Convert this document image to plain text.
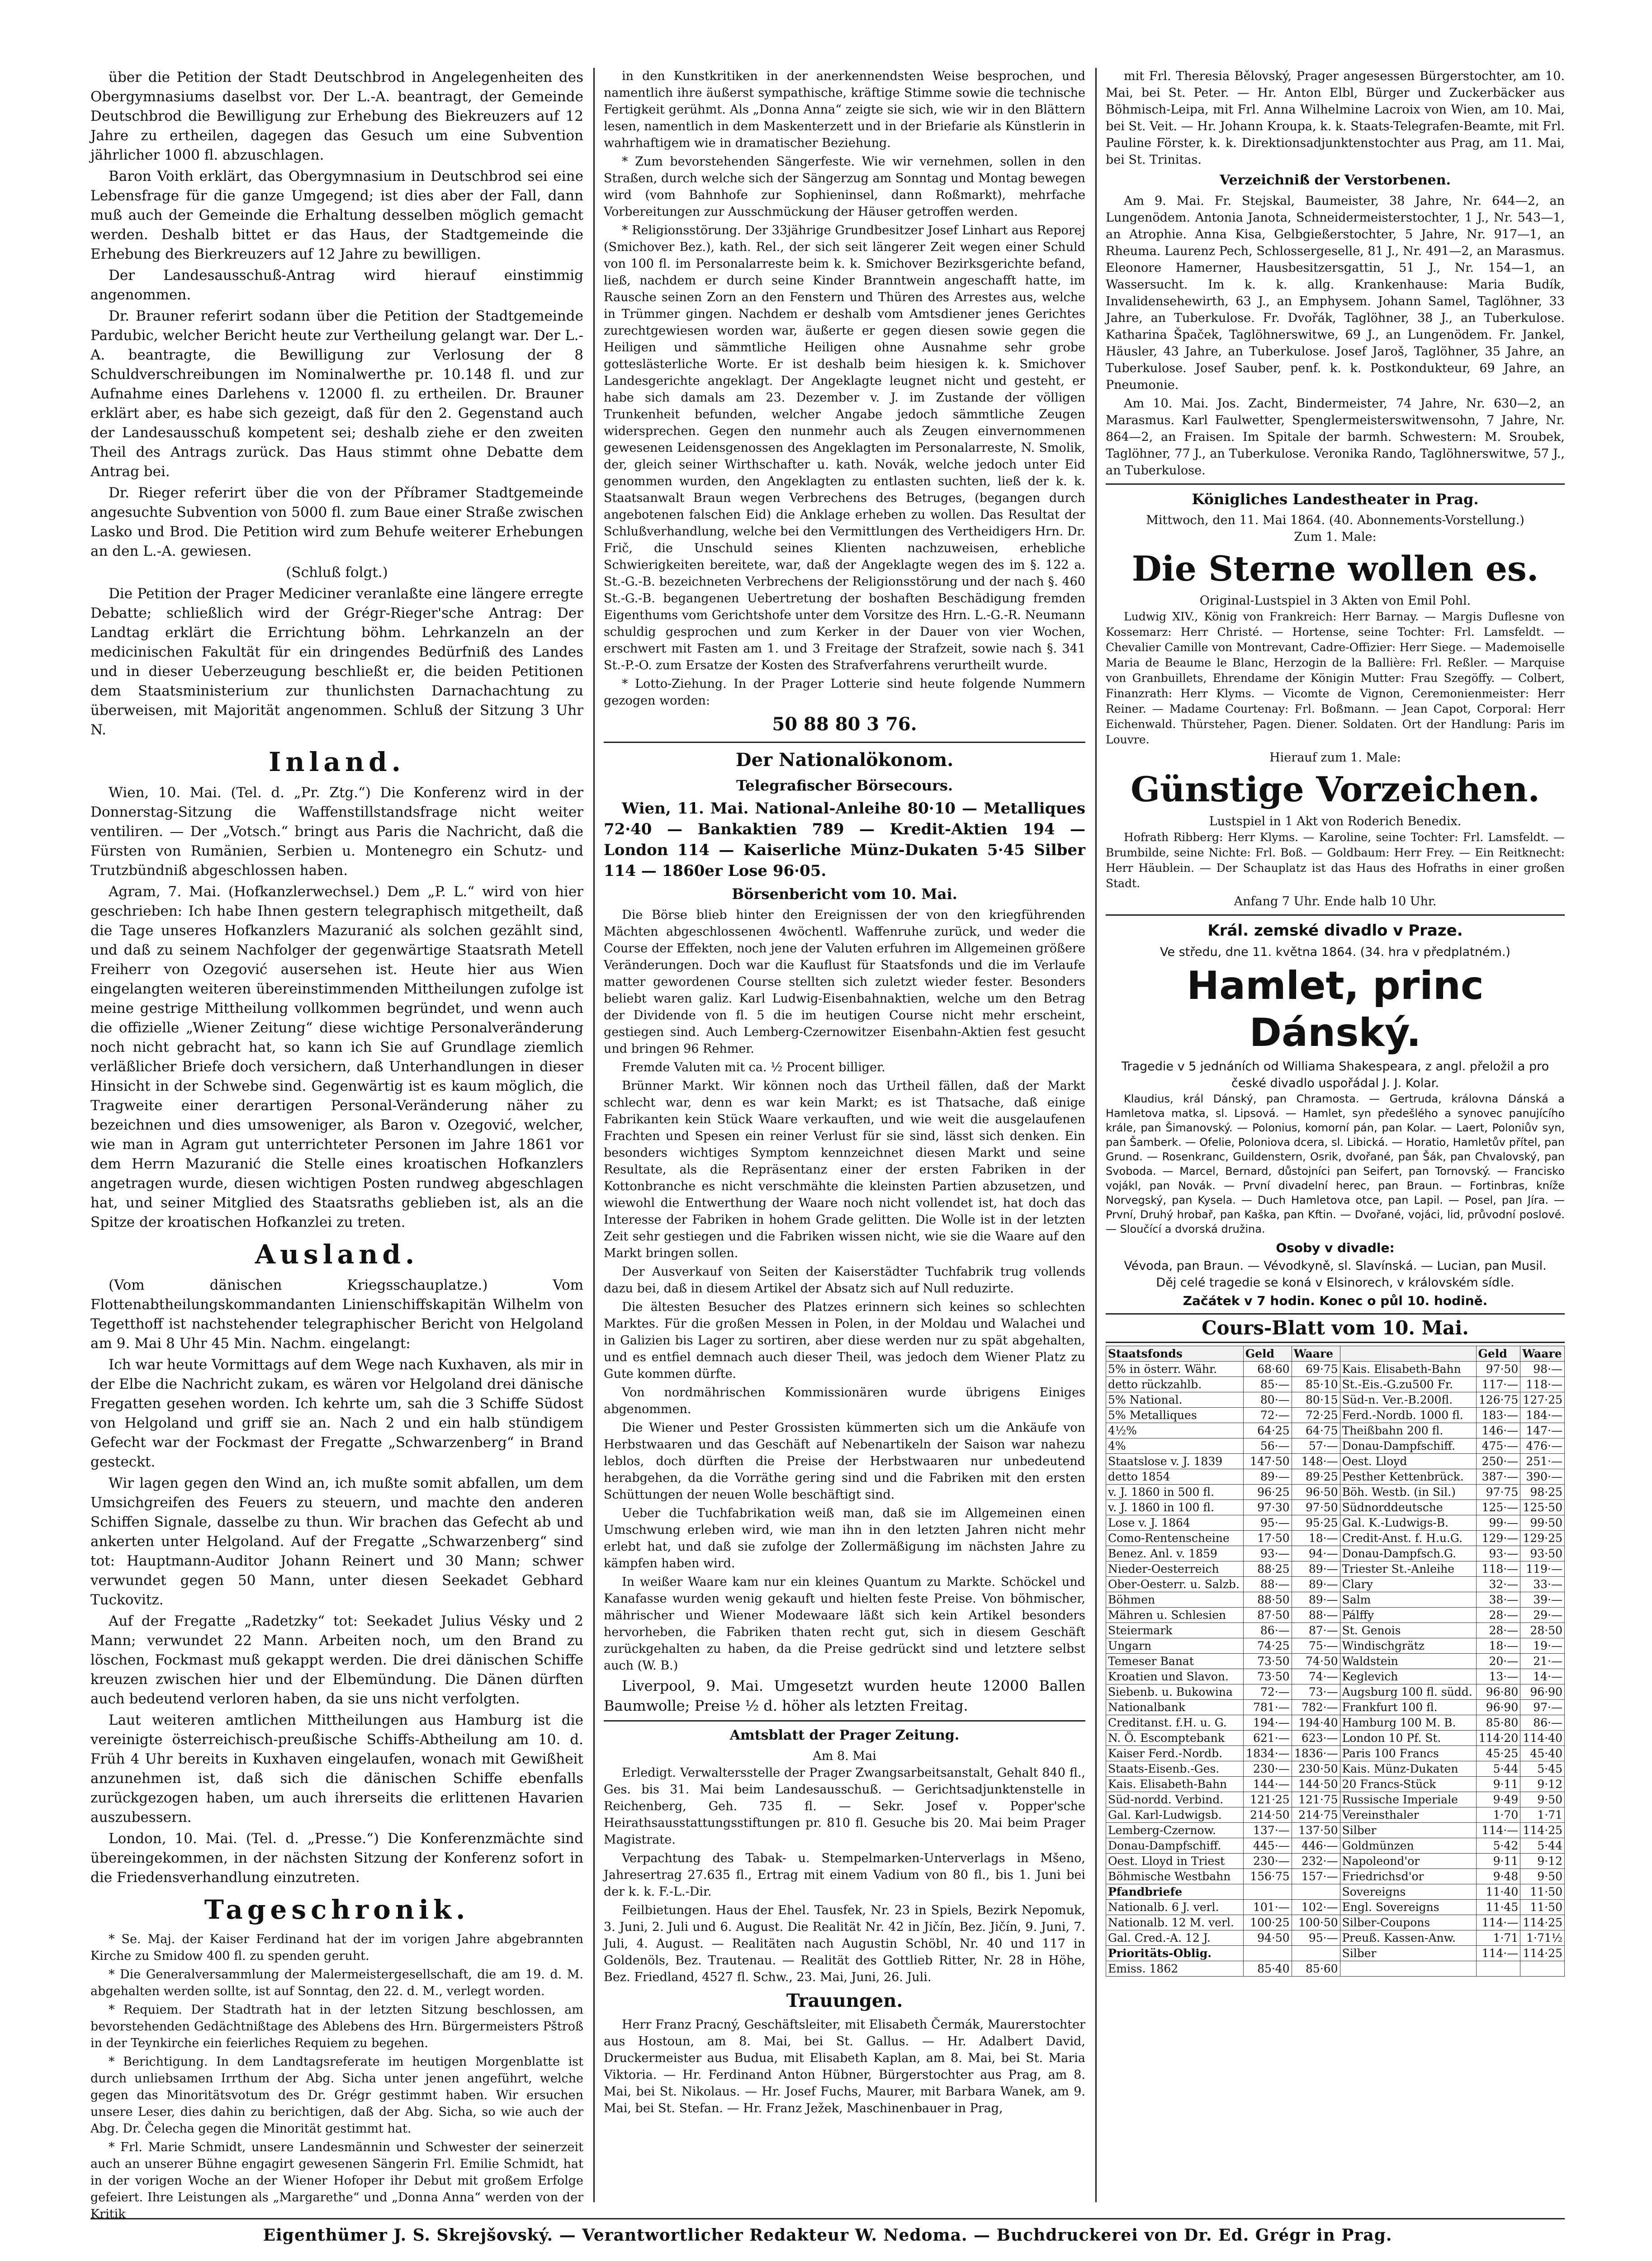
über die Petition der Stadt Deutschbrod in Angelegenheiten des Obergymnasiums daselbst vor. Der L.-A. beantragt, der Gemeinde Deutschbrod die Bewilligung zur Erhebung des Biekreuzers auf 12 Jahre zu ertheilen, dagegen das Gesuch um eine Subvention jährlicher 1000 fl. abzuschlagen.

Baron Voith erklärt, das Obergymnasium in Deutschbrod sei eine Lebensfrage für die ganze Umgegend; ist dies aber der Fall, dann muß auch der Gemeinde die Erhaltung desselben möglich gemacht werden. Deshalb bittet er das Haus, der Stadtgemeinde die Erhebung des Bierkreuzers auf 12 Jahre zu bewilligen.

Der Landesausschuß-Antrag wird hierauf einstimmig angenommen.

Dr. Brauner referirt sodann über die Petition der Stadtgemeinde Pardubic, welcher Bericht heute zur Vertheilung gelangt war. Der L.-A. beantragte, die Bewilligung zur Verlosung der 8 Schuldverschreibungen im Nominalwerthe pr. 10.148 fl. und zur Aufnahme eines Darlehens v. 12000 fl. zu ertheilen. Dr. Brauner erklärt aber, es habe sich gezeigt, daß für den 2. Gegenstand auch der Landesausschuß kompetent sei; deshalb ziehe er den zweiten Theil des Antrags zurück. Das Haus stimmt ohne Debatte dem Antrag bei.

Dr. Rieger referirt über die von der Příbramer Stadtgemeinde angesuchte Subvention von 5000 fl. zum Baue einer Straße zwischen Lasko und Brod. Die Petition wird zum Behufe weiterer Erhebungen an den L.-A. gewiesen.

(Schluß folgt.)

Die Petition der Prager Mediciner veranlaßte eine längere erregte Debatte; schließlich wird der Grégr-Rieger'sche Antrag: Der Landtag erklärt die Errichtung böhm. Lehrkanzeln an der medicinischen Fakultät für ein dringendes Bedürfniß des Landes und in dieser Ueberzeugung beschließt er, die beiden Petitionen dem Staatsministerium zur thunlichsten Darnachachtung zu überweisen, mit Majorität angenommen. Schluß der Sitzung 3 Uhr N.

Inland.

Wien, 10. Mai. (Tel. d. „Pr. Ztg.“) Die Konferenz wird in der Donnerstag-Sitzung die Waffenstillstandsfrage nicht weiter ventiliren. — Der „Votsch.“ bringt aus Paris die Nachricht, daß die Fürsten von Rumänien, Serbien u. Montenegro ein Schutz- und Trutzbündniß abgeschlossen haben.

Agram, 7. Mai. (Hofkanzlerwechsel.) Dem „P. L.“ wird von hier geschrieben: Ich habe Ihnen gestern telegraphisch mitgetheilt, daß die Tage unseres Hofkanzlers Mazuranić als solchen gezählt sind, und daß zu seinem Nachfolger der gegenwärtige Staatsrath Metell Freiherr von Ozegović ausersehen ist. Heute hier aus Wien eingelangten weiteren übereinstimmenden Mittheilungen zufolge ist meine gestrige Mittheilung vollkommen begründet, und wenn auch die offizielle „Wiener Zeitung“ diese wichtige Personalveränderung noch nicht gebracht hat, so kann ich Sie auf Grundlage ziemlich verläßlicher Briefe doch versichern, daß Unterhandlungen in dieser Hinsicht in der Schwebe sind. Gegenwärtig ist es kaum möglich, die Tragweite einer derartigen Personal-Veränderung näher zu bezeichnen und dies umsoweniger, als Baron v. Ozegović, welcher, wie man in Agram gut unterrichteter Personen im Jahre 1861 vor dem Herrn Mazuranić die Stelle eines kroatischen Hofkanzlers angetragen wurde, diesen wichtigen Posten rundweg abgeschlagen hat, und seiner Mitglied des Staatsraths geblieben ist, als an die Spitze der kroatischen Hofkanzlei zu treten.

Ausland.

(Vom dänischen Kriegsschauplatze.) Vom Flottenabtheilungskommandanten Linienschiffskapitän Wilhelm von Tegetthoff ist nachstehender telegraphischer Bericht von Helgoland am 9. Mai 8 Uhr 45 Min. Nachm. eingelangt:

Ich war heute Vormittags auf dem Wege nach Kuxhaven, als mir in der Elbe die Nachricht zukam, es wären vor Helgoland drei dänische Fregatten gesehen worden. Ich kehrte um, sah die 3 Schiffe Südost von Helgoland und griff sie an. Nach 2 und ein halb stündigem Gefecht war der Fockmast der Fregatte „Schwarzenberg“ in Brand gesteckt.

Wir lagen gegen den Wind an, ich mußte somit abfallen, um dem Umsichgreifen des Feuers zu steuern, und machte den anderen Schiffen Signale, dasselbe zu thun. Wir brachen das Gefecht ab und ankerten unter Helgoland. Auf der Fregatte „Schwarzenberg“ sind tot: Hauptmann-Auditor Johann Reinert und 30 Mann; schwer verwundet gegen 50 Mann, unter diesen Seekadet Gebhard Tuckovitz.

Auf der Fregatte „Radetzky“ tot: Seekadet Julius Vésky und 2 Mann; verwundet 22 Mann. Arbeiten noch, um den Brand zu löschen, Fockmast muß gekappt werden. Die drei dänischen Schiffe kreuzen zwischen hier und der Elbemündung. Die Dänen dürften auch bedeutend verloren haben, da sie uns nicht verfolgten.

Laut weiteren amtlichen Mittheilungen aus Hamburg ist die vereinigte österreichisch-preußische Schiffs-Abtheilung am 10. d. Früh 4 Uhr bereits in Kuxhaven eingelaufen, wonach mit Gewißheit anzunehmen ist, daß sich die dänischen Schiffe ebenfalls zurückgezogen haben, um auch ihrerseits die erlittenen Havarien auszubessern.

London, 10. Mai. (Tel. d. „Presse.“) Die Konferenzmächte sind übereingekommen, in der nächsten Sitzung der Konferenz sofort in die Friedensverhandlung einzutreten.

Tageschronik.

* Se. Maj. der Kaiser Ferdinand hat der im vorigen Jahre abgebrannten Kirche zu Smidow 400 fl. zu spenden geruht.

* Die Generalversammlung der Malermeistergesellschaft, die am 19. d. M. abgehalten werden sollte, ist auf Sonntag, den 22. d. M., verlegt worden.

* Requiem. Der Stadtrath hat in der letzten Sitzung beschlossen, am bevorstehenden Gedächtnißtage des Ablebens des Hrn. Bürgermeisters Pštroß in der Teynkirche ein feierliches Requiem zu begehen.

* Berichtigung. In dem Landtagsreferate im heutigen Morgenblatte ist durch unliebsamen Irrthum der Abg. Sicha unter jenen angeführt, welche gegen das Minoritätsvotum des Dr. Grégr gestimmt haben. Wir ersuchen unsere Leser, dies dahin zu berichtigen, daß der Abg. Sicha, so wie auch der Abg. Dr. Čelecha gegen die Minorität gestimmt hat.

* Frl. Marie Schmidt, unsere Landesmännin und Schwester der seinerzeit auch an unserer Bühne engagirt gewesenen Sängerin Frl. Emilie Schmidt, hat in der vorigen Woche an der Wiener Hofoper ihr Debut mit großem Erfolge gefeiert. Ihre Leistungen als „Margarethe“ und „Donna Anna“ werden von der Kritik

in den Kunstkritiken in der anerkennendsten Weise besprochen, und namentlich ihre äußerst sympathische, kräftige Stimme sowie die technische Fertigkeit gerühmt. Als „Donna Anna“ zeigte sie sich, wie wir in den Blättern lesen, namentlich in dem Maskenterzett und in der Briefarie als Künstlerin in wahrhaftigem wie in dramatischer Beziehung.

* Zum bevorstehenden Sängerfeste. Wie wir vernehmen, sollen in den Straßen, durch welche sich der Sängerzug am Sonntag und Montag bewegen wird (vom Bahnhofe zur Sophieninsel, dann Roßmarkt), mehrfache Vorbereitungen zur Ausschmückung der Häuser getroffen werden.

* Religionsstörung. Der 33jährige Grundbesitzer Josef Linhart aus Reporej (Smichover Bez.), kath. Rel., der sich seit längerer Zeit wegen einer Schuld von 100 fl. im Personalarreste beim k. k. Smichover Bezirksgerichte befand, ließ, nachdem er durch seine Kinder Branntwein angeschafft hatte, im Rausche seinen Zorn an den Fenstern und Thüren des Arrestes aus, welche in Trümmer gingen. Nachdem er deshalb vom Amtsdiener jenes Gerichtes zurechtgewiesen worden war, äußerte er gegen diesen sowie gegen die Heiligen und sämmtliche Heiligen ohne Ausnahme sehr grobe gotteslästerliche Worte. Er ist deshalb beim hiesigen k. k. Smichover Landesgerichte angeklagt. Der Angeklagte leugnet nicht und gesteht, er habe sich damals am 23. Dezember v. J. im Zustande der völligen Trunkenheit befunden, welcher Angabe jedoch sämmtliche Zeugen widersprechen. Gegen den nunmehr auch als Zeugen einvernommenen gewesenen Leidensgenossen des Angeklagten im Personalarreste, N. Smolik, der, gleich seiner Wirthschafter u. kath. Novák, welche jedoch unter Eid genommen wurden, den Angeklagten zu entlasten suchten, ließ der k. k. Staatsanwalt Braun wegen Verbrechens des Betruges, (begangen durch angebotenen falschen Eid) die Anklage erheben zu wollen. Das Resultat der Schlußverhandlung, welche bei den Vermittlungen des Vertheidigers Hrn. Dr. Frič, die Unschuld seines Klienten nachzuweisen, erhebliche Schwierigkeiten bereitete, war, daß der Angeklagte wegen des im §. 122 a. St.-G.-B. bezeichneten Verbrechens der Religionsstörung und der nach §. 460 St.-G.-B. begangenen Uebertretung der boshaften Beschädigung fremden Eigenthums vom Gerichtshofe unter dem Vorsitze des Hrn. L.-G.-R. Neumann schuldig gesprochen und zum Kerker in der Dauer von vier Wochen, erschwert mit Fasten am 1. und 3 Freitage der Strafzeit, sowie nach §. 341 St.-P.-O. zum Ersatze der Kosten des Strafverfahrens verurtheilt wurde.

* Lotto-Ziehung. In der Prager Lotterie sind heute folgende Nummern gezogen worden:

50 88 80 3 76.
Der Nationalökonom.
Telegrafischer Börsecours.

Wien, 11. Mai. National-Anleihe 80·10 — Metalliques 72·40 — Bankaktien 789 — Kredit-Aktien 194 — London 114 — Kaiserliche Münz-Dukaten 5·45 Silber 114 — 1860er Lose 96·05.

Börsenbericht vom 10. Mai.

Die Börse blieb hinter den Ereignissen der von den kriegführenden Mächten abgeschlossenen 4wöchentl. Waffenruhe zurück, und weder die Course der Effekten, noch jene der Valuten erfuhren im Allgemeinen größere Veränderungen. Doch war die Kauflust für Staatsfonds und die im Verlaufe matter gewordenen Course stellten sich zuletzt wieder fester. Besonders beliebt waren galiz. Karl Ludwig-Eisenbahnaktien, welche um den Betrag der Dividende von fl. 5 die im heutigen Course nicht mehr erscheint, gestiegen sind. Auch Lemberg-Czernowitzer Eisenbahn-Aktien fest gesucht und bringen 96 Rehmer.

Fremde Valuten mit ca. ½ Procent billiger.

Brünner Markt. Wir können noch das Urtheil fällen, daß der Markt schlecht war, denn es war kein Markt; es ist Thatsache, daß einige Fabrikanten kein Stück Waare verkauften, und wie weit die ausgelaufenen Frachten und Spesen ein reiner Verlust für sie sind, lässt sich denken. Ein besonders wichtiges Symptom kennzeichnet diesen Markt und seine Resultate, als die Repräsentanz einer der ersten Fabriken in der Kottonbranche es nicht verschmähte die kleinsten Partien abzusetzen, und wiewohl die Entwerthung der Waare noch nicht vollendet ist, hat doch das Interesse der Fabriken in hohem Grade gelitten. Die Wolle ist in der letzten Zeit sehr gestiegen und die Fabriken wissen nicht, wie sie die Waare auf den Markt bringen sollen.

Der Ausverkauf von Seiten der Kaiserstädter Tuchfabrik trug vollends dazu bei, daß in diesem Artikel der Absatz sich auf Null reduzirte.

Die ältesten Besucher des Platzes erinnern sich keines so schlechten Marktes. Für die großen Messen in Polen, in der Moldau und Walachei und in Galizien bis Lager zu sortiren, aber diese werden nur zu spät abgehalten, und es entfiel demnach auch dieser Theil, was jedoch dem Wiener Platz zu Gute kommen dürfte.

Von nordmährischen Kommissionären wurde übrigens Einiges abgenommen.

Die Wiener und Pester Grossisten kümmerten sich um die Ankäufe von Herbstwaaren und das Geschäft auf Nebenartikeln der Saison war nahezu leblos, doch dürften die Preise der Herbstwaaren nur unbedeutend herabgehen, da die Vorräthe gering sind und die Fabriken mit den ersten Schüttungen der neuen Wolle beschäftigt sind.

Ueber die Tuchfabrikation weiß man, daß sie im Allgemeinen einen Umschwung erleben wird, wie man ihn in den letzten Jahren nicht mehr erlebt hat, und daß sie zufolge der Zollermäßigung im nächsten Jahre zu kämpfen haben wird.

In weißer Waare kam nur ein kleines Quantum zu Markte. Schöckel und Kanafasse wurden wenig gekauft und hielten feste Preise. Von böhmischer, mährischer und Wiener Modewaare läßt sich kein Artikel besonders hervorheben, die Fabriken thaten recht gut, sich in diesem Geschäft zurückgehalten zu haben, da die Preise gedrückt sind und letztere selbst auch (W. B.)

Liverpool, 9. Mai. Umgesetzt wurden heute 12000 Ballen Baumwolle; Preise ½ d. höher als letzten Freitag.

Amtsblatt der Prager Zeitung.
Am 8. Mai

Erledigt. Verwaltersstelle der Prager Zwangsarbeitsanstalt, Gehalt 840 fl., Ges. bis 31. Mai beim Landesausschuß. — Gerichtsadjunktenstelle in Reichenberg, Geh. 735 fl. — Sekr. Josef v. Popper'sche Heirathsausstattungsstiftungen pr. 810 fl. Gesuche bis 20. Mai beim Prager Magistrate.

Verpachtung des Tabak- u. Stempelmarken-Unterverlags in Mšeno, Jahresertrag 27.635 fl., Ertrag mit einem Vadium von 80 fl., bis 1. Juni bei der k. k. F.-L.-Dir.

Feilbietungen. Haus der Ehel. Tausfek, Nr. 23 in Spiels, Bezirk Nepomuk, 3. Juni, 2. Juli und 6. August. Die Realität Nr. 42 in Jičín, Bez. Jičín, 9. Juni, 7. Juli, 4. August. — Realitäten nach Augustin Schöbl, Nr. 40 und 117 in Goldenöls, Bez. Trautenau. — Realität des Gottlieb Ritter, Nr. 28 in Höhe, Bez. Friedland, 4527 fl. Schw., 23. Mai, Juni, 26. Juli.

Trauungen.

Herr Franz Pracný, Geschäftsleiter, mit Elisabeth Čermák, Maurerstochter aus Hostoun, am 8. Mai, bei St. Gallus. — Hr. Adalbert David, Druckermeister aus Budua, mit Elisabeth Kaplan, am 8. Mai, bei St. Maria Viktoria. — Hr. Ferdinand Anton Hübner, Bürgerstochter aus Prag, am 8. Mai, bei St. Nikolaus. — Hr. Josef Fuchs, Maurer, mit Barbara Wanek, am 9. Mai, bei St. Stefan. — Hr. Franz Ježek, Maschinenbauer in Prag,

mit Frl. Theresia Bělovský, Prager angesessen Bürgerstochter, am 10. Mai, bei St. Peter. — Hr. Anton Elbl, Bürger und Zuckerbäcker aus Böhmisch-Leipa, mit Frl. Anna Wilhelmine Lacroix von Wien, am 10. Mai, bei St. Veit. — Hr. Johann Kroupa, k. k. Staats-Telegrafen-Beamte, mit Frl. Pauline Förster, k. k. Direktionsadjunktenstochter aus Prag, am 11. Mai, bei St. Trinitas.

Verzeichniß der Verstorbenen.

Am 9. Mai. Fr. Stejskal, Baumeister, 38 Jahre, Nr. 644—2, an Lungenödem. Antonia Janota, Schneidermeisterstochter, 1 J., Nr. 543—1, an Atrophie. Anna Kisa, Gelbgießerstochter, 5 Jahre, Nr. 917—1, an Rheuma. Laurenz Pech, Schlossergeselle, 81 J., Nr. 491—2, an Marasmus. Eleonore Hamerner, Hausbesitzersgattin, 51 J., Nr. 154—1, an Wassersucht. Im k. k. allg. Krankenhause: Maria Budík, Invalidensehewirth, 63 J., an Emphysem. Johann Samel, Taglöhner, 33 Jahre, an Tuberkulose. Fr. Dvořák, Taglöhner, 38 J., an Tuberkulose. Katharina Špaček, Taglöhnerswitwe, 69 J., an Lungenödem. Fr. Jankel, Häusler, 43 Jahre, an Tuberkulose. Josef Jaroš, Taglöhner, 35 Jahre, an Tuberkulose. Josef Sauber, penf. k. k. Postkondukteur, 69 Jahre, an Pneumonie.

Am 10. Mai. Jos. Zacht, Bindermeister, 74 Jahre, Nr. 630—2, an Marasmus. Karl Faulwetter, Spenglermeisterswitwensohn, 7 Jahre, Nr. 864—2, an Fraisen. Im Spitale der barmh. Schwestern: M. Sroubek, Taglöhner, 77 J., an Tuberkulose. Veronika Rando, Taglöhnerswitwe, 57 J., an Tuberkulose.

Königliches Landestheater in Prag.
Mittwoch, den 11. Mai 1864. (40. Abonnements-Vorstellung.)
Zum 1. Male:
Die Sterne wollen es.
Original-Lustspiel in 3 Akten von Emil Pohl.

Ludwig XIV., König von Frankreich: Herr Barnay. — Margis Duflesne von Kossemarz: Herr Christé. — Hortense, seine Tochter: Frl. Lamsfeldt. — Chevalier Camille von Montrevant, Cadre-Offizier: Herr Siege. — Mademoiselle Maria de Beaume le Blanc, Herzogin de la Ballière: Frl. Reßler. — Marquise von Granbuillets, Ehrendame der Königin Mutter: Frau Szegöffy. — Colbert, Finanzrath: Herr Klyms. — Vicomte de Vignon, Ceremonienmeister: Herr Reiner. — Madame Courtenay: Frl. Boßmann. — Jean Capot, Corporal: Herr Eichenwald. Thürsteher, Pagen. Diener. Soldaten. Ort der Handlung: Paris im Louvre.

Hierauf zum 1. Male:
Günstige Vorzeichen.
Lustspiel in 1 Akt von Roderich Benedix.

Hofrath Ribberg: Herr Klyms. — Karoline, seine Tochter: Frl. Lamsfeldt. — Brumbilde, seine Nichte: Frl. Boß. — Goldbaum: Herr Frey. — Ein Reitknecht: Herr Häublein. — Der Schauplatz ist das Haus des Hofraths in einer großen Stadt.

Anfang 7 Uhr. Ende halb 10 Uhr.
Král. zemské divadlo v Praze.
Ve středu, dne 11. května 1864. (34. hra v předplatném.)
Hamlet, princ Dánský.
Tragedie v 5 jednáních od Williama Shakespeara, z angl. přeložil a pro české divadlo uspořádal J. J. Kolar.

Klaudius, král Dánský, pan Chramosta. — Gertruda, královna Dánská a Hamletova matka, sl. Lipsová. — Hamlet, syn předešlého a synovec panujícího krále, pan Šimanovský. — Polonius, komorní pán, pan Kolar. — Laert, Poloniův syn, pan Šamberk. — Ofelie, Poloniova dcera, sl. Libická. — Horatio, Hamletův přítel, pan Grund. — Rosenkranc, Guildenstern, Osrik, dvořané, pan Šák, pan Chvalovský, pan Svoboda. — Marcel, Bernard, důstojníci pan Seifert, pan Tornovský. — Francisko vojákl, pan Novák. — První divadelní herec, pan Braun. — Fortinbras, kníže Norvegský, pan Kysela. — Duch Hamletova otce, pan Lapil. — Posel, pan Jíra. — První, Druhý hrobař, pan Kaška, pan Kftin. — Dvořané, vojáci, lid, průvodní poslové. — Sloučící a dvorská družina.

Osoby v divadle:
Vévoda, pan Braun. — Vévodkyně, sl. Slavínská. — Lucian, pan Musil.
Děj celé tragedie se koná v Elsinorech, v královském sídle.
Začátek v 7 hodin. Konec o půl 10. hodině.
Cours-Blatt vom 10. Mai.
Staatsfonds	Geld	Waare		Geld	Waare
5% in österr. Währ.	68·60	69·75	Kais. Elisabeth-Bahn	97·50	98·—
detto rückzahlb.	85·—	85·10	St.-Eis.-G.zu500 Fr.	117·—	118·—
5% National.	80·—	80·15	Süd-n. Ver.-B.200fl.	126·75	127·25
5% Metalliques	72·—	72·25	Ferd.-Nordb. 1000 fl.	183·—	184·—
4½%	64·25	64·75	Theißbahn 200 fl.	146·—	147·—
4%	56·—	57·—	Donau-Dampfschiff.	475·—	476·—
Staatslose v. J. 1839	147·50	148·—	Oest. Lloyd	250·—	251·—
detto 1854	89·—	89·25	Pesther Kettenbrück.	387·—	390·—
v. J. 1860 in 500 fl.	96·25	96·50	Böh. Westb. (in Sil.)	97·75	98·25
v. J. 1860 in 100 fl.	97·30	97·50	Südnorddeutsche	125·—	125·50
Lose v. J. 1864	95·—	95·25	Gal. K.-Ludwigs-B.	99·—	99·50
Como-Rentenscheine	17·50	18·—	Credit-Anst. f. H.u.G.	129·—	129·25
Benez. Anl. v. 1859	93·—	94·—	Donau-Dampfsch.G.	93·—	93·50
Nieder-Oesterreich	88·25	89·—	Triester St.-Anleihe	118·—	119·—
Ober-Oesterr. u. Salzb.	88·—	89·—	Clary	32·—	33·—
Böhmen	88·50	89·—	Salm	38·—	39·—
Mähren u. Schlesien	87·50	88·—	Pálffy	28·—	29·—
Steiermark	86·—	87·—	St. Genois	28·—	28·50
Ungarn	74·25	75·—	Windischgrätz	18·—	19·—
Temeser Banat	73·50	74·50	Waldstein	20·—	21·—
Kroatien und Slavon.	73·50	74·—	Keglevich	13·—	14·—
Siebenb. u. Bukowina	72·—	73·—	Augsburg 100 fl. südd.	96·80	96·90
Nationalbank	781·—	782·—	Frankfurt 100 fl.	96·90	97·—
Creditanst. f.H. u. G.	194·—	194·40	Hamburg 100 M. B.	85·80	86·—
N. Ö. Escomptebank	621·—	623·—	London 10 Pf. St.	114·20	114·40
Kaiser Ferd.-Nordb.	1834·—	1836·—	Paris 100 Francs	45·25	45·40
Staats-Eisenb.-Ges.	230·—	230·50	Kais. Münz-Dukaten	5·44	5·45
Kais. Elisabeth-Bahn	144·—	144·50	20 Francs-Stück	9·11	9·12
Süd-nordd. Verbind.	121·25	121·75	Russische Imperiale	9·49	9·50
Gal. Karl-Ludwigsb.	214·50	214·75	Vereinsthaler	1·70	1·71
Lemberg-Czernow.	137·—	137·50	Silber	114·—	114·25
Donau-Dampfschiff.	445·—	446·—	Goldmünzen	5·42	5·44
Oest. Lloyd in Triest	230·—	232·—	Napoleond'or	9·11	9·12
Böhmische Westbahn	156·75	157·—	Friedrichsd'or	9·48	9·50
Pfandbriefe			Sovereigns	11·40	11·50
Nationalb. 6 J. verl.	101·—	102·—	Engl. Sovereigns	11·45	11·50
Nationalb. 12 M. verl.	100·25	100·50	Silber-Coupons	114·—	114·25
Gal. Cred.-A. 12 J.	94·50	95·—	Preuß. Kassen-Anw.	1·71	1·71½
Prioritäts-Oblig.			Silber	114·—	114·25
Emiss. 1862	85·40	85·60			
Eigenthümer J. S. Skrejšovský. — Verantwortlicher Redakteur W. Nedoma. — Buchdruckerei von Dr. Ed. Grégr in Prag.
